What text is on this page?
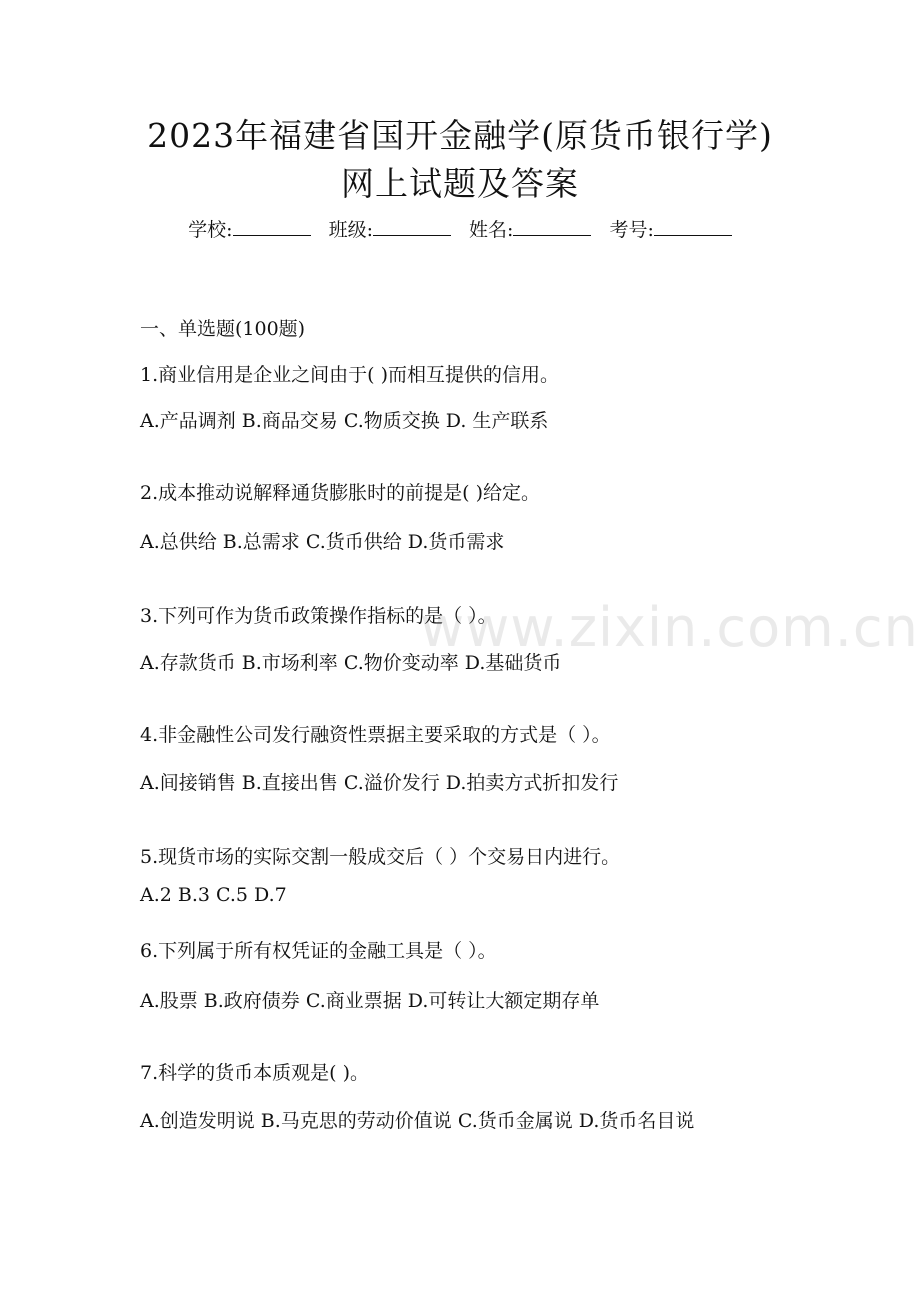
www.zixin.com.cn
2023年福建省国开金融学(原货币银行学)
网上试题及答案
学校:	班级:	姓名:	考号:
一、单选题(100题)
1.商业信用是企业之间由于( )而相互提供的信用。
A.产品调剂 B.商品交易 C.物质交换 D. 生产联系
2.成本推动说解释通货膨胀时的前提是( )给定。
A.总供给 B.总需求 C.货币供给 D.货币需求
3.下列可作为货币政策操作指标的是（ ）。
A.存款货币 B.市场利率 C.物价变动率 D.基础货币
4.非金融性公司发行融资性票据主要采取的方式是（ ）。
A.间接销售 B.直接出售 C.溢价发行 D.拍卖方式折扣发行
5.现货市场的实际交割一般成交后（ ）个交易日内进行。
A.2 B.3 C.5 D.7
6.下列属于所有权凭证的金融工具是（ ）。
A.股票 B.政府债券 C.商业票据 D.可转让大额定期存单
7.科学的货币本质观是( )。
A.创造发明说 B.马克思的劳动价值说 C.货币金属说 D.货币名目说
